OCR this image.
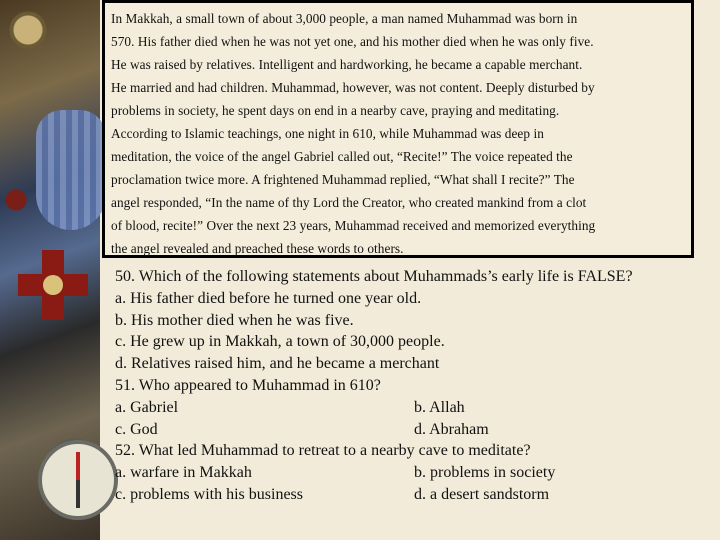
In Makkah, a small town of about 3,000 people, a man named Muhammad was born in
570. His father died when he was not yet one, and his mother died when he was only five.
He was raised by relatives. Intelligent and hardworking, he became a capable merchant.
He married and had children. Muhammad, however, was not content. Deeply disturbed by
problems in society, he spent days on end in a nearby cave, praying and meditating.
According to Islamic teachings, one night in 610, while Muhammad was deep in
meditation, the voice of the angel Gabriel called out, “Recite!” The voice repeated the
proclamation twice more. A frightened Muhammad replied, “What shall I recite?” The
angel responded, “In the name of thy Lord the Creator, who created mankind from a clot
of blood, recite!” Over the next 23 years, Muhammad received and memorized everything
the angel revealed and preached these words to others.
50. Which of the following statements about Muhammads’s early life is FALSE?
a. His father died before he turned one year old.
b. His mother died when he was five.
c. He grew up in Makkah, a town of 30,000 people.
d. Relatives raised him, and he became a merchant
51. Who appeared to Muhammad in 610?
a. Gabriel	b. Allah
c. God	d. Abraham
52. What led Muhammad to retreat to a nearby cave to meditate?
a. warfare in Makkah	b. problems in society
c. problems with his business	d. a desert sandstorm
